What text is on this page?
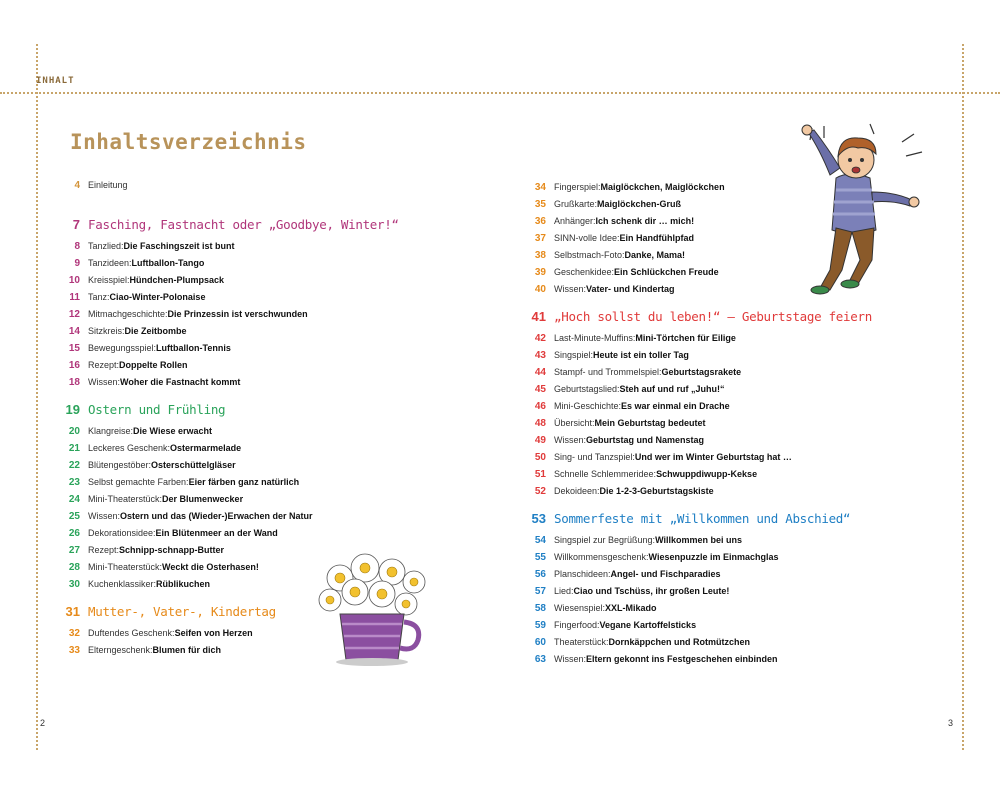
INHALT
Inhaltsverzeichnis
4 Einleitung
7 Fasching, Fastnacht oder „Goodbye, Winter!“
8 Tanzlied: Die Faschingszeit ist bunt
9 Tanzideen: Luftballon-Tango
10 Kreisspiel: Hündchen-Plumpsack
11 Tanz: Ciao-Winter-Polonaise
12 Mitmachgeschichte: Die Prinzessin ist verschwunden
14 Sitzkreis: Die Zeitbombe
15 Bewegungsspiel: Luftballon-Tennis
16 Rezept: Doppelte Rollen
18 Wissen: Woher die Fastnacht kommt
19 Ostern und Frühling
20 Klangreise: Die Wiese erwacht
21 Leckeres Geschenk: Ostermarmelade
22 Blütengestöber: Osterschüttelgläser
23 Selbst gemachte Farben: Eier färben ganz natürlich
24 Mini-Theaterstück: Der Blumenwecker
25 Wissen: Ostern und das (Wieder-)Erwachen der Natur
26 Dekorationsidee: Ein Blütenmeer an der Wand
27 Rezept: Schnipp-schnapp-Butter
28 Mini-Theaterstück: Weckt die Osterhasen!
30 Kuchenklassiker: Rüblikuchen
31 Mutter-, Vater-, Kindertag
32 Duftendes Geschenk: Seifen von Herzen
33 Elterngeschenk: Blumen für dich
34 Fingerspiel: Maiglöckchen, Maiglöckchen
35 Grußkarte: Maiglöckchen-Gruß
36 Anhänger: Ich schenk dir … mich!
37 SINN-volle Idee: Ein Handfühlpfad
38 Selbstmach-Foto: Danke, Mama!
39 Geschenkidee: Ein Schlückchen Freude
40 Wissen: Vater- und Kindertag
41 „Hoch sollst du leben!“ – Geburtstage feiern
42 Last-Minute-Muffins: Mini-Törtchen für Eilige
43 Singspiel: Heute ist ein toller Tag
44 Stampf- und Trommelspiel: Geburtstagsrakete
45 Geburtstagslied: Steh auf und ruf „Juhu!“
46 Mini-Geschichte: Es war einmal ein Drache
48 Übersicht: Mein Geburtstag bedeutet
49 Wissen: Geburtstag und Namenstag
50 Sing- und Tanzspiel: Und wer im Winter Geburtstag hat …
51 Schnelle Schlemmeridee: Schwuppdiwupp-Kekse
52 Dekoideen: Die 1-2-3-Geburtstagskiste
53 Sommerfeste mit „Willkommen und Abschied“
54 Singspiel zur Begrüßung: Willkommen bei uns
55 Willkommensgeschenk: Wiesenpuzzle im Einmachglas
56 Planschideen: Angel- und Fischparadies
57 Lied: Ciao und Tschüss, ihr großen Leute!
58 Wiesenspiel: XXL-Mikado
59 Fingerfood: Vegane Kartoffelsticks
60 Theaterstück: Dornkäppchen und Rotmützchen
63 Wissen: Eltern gekonnt ins Festgeschehen einbinden
2	3
